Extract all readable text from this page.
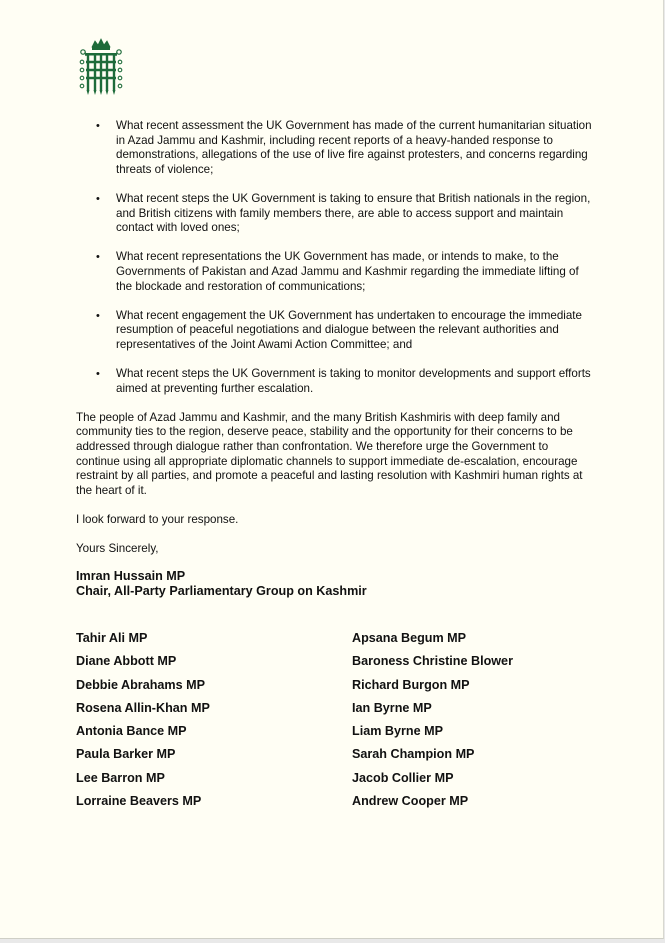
• What recent assessment the UK Government has made of the current humanitarian situation in Azad Jammu and Kashmir, including recent reports of a heavy-handed response to demonstrations, allegations of the use of live fire against protesters, and concerns regarding threats of violence;
• What recent steps the UK Government is taking to ensure that British nationals in the region, and British citizens with family members there, are able to access support and maintain contact with loved ones;
• What recent representations the UK Government has made, or intends to make, to the Governments of Pakistan and Azad Jammu and Kashmir regarding the immediate lifting of the blockade and restoration of communications;
• What recent engagement the UK Government has undertaken to encourage the immediate resumption of peaceful negotiations and dialogue between the relevant authorities and representatives of the Joint Awami Action Committee; and
• What recent steps the UK Government is taking to monitor developments and support efforts aimed at preventing further escalation.

The people of Azad Jammu and Kashmir, and the many British Kashmiris with deep family and community ties to the region, deserve peace, stability and the opportunity for their concerns to be addressed through dialogue rather than confrontation. We therefore urge the Government to continue using all appropriate diplomatic channels to support immediate de-escalation, encourage restraint by all parties, and promote a peaceful and lasting resolution with Kashmiri human rights at the heart of it.

I look forward to your response.

Yours Sincerely,

Imran Hussain MP
Chair, All-Party Parliamentary Group on Kashmir
Tahir Ali MP
Diane Abbott MP
Debbie Abrahams MP
Rosena Allin-Khan MP
Antonia Bance MP
Paula Barker MP
Lee Barron MP
Lorraine Beavers MP
Apsana Begum MP
Baroness Christine Blower
Richard Burgon MP
Ian Byrne MP
Liam Byrne MP
Sarah Champion MP
Jacob Collier MP
Andrew Cooper MP
